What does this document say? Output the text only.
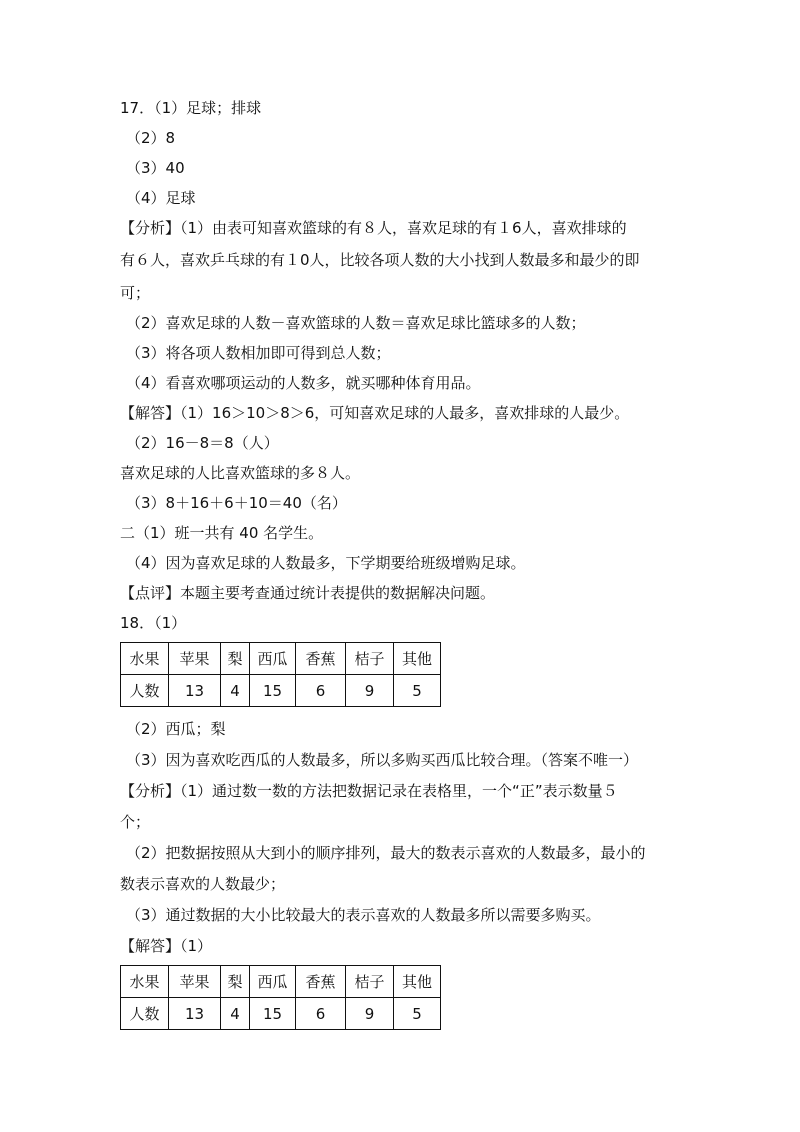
17．（1）足球；排球
（2）8
（3）40
（4）足球
【分析】（1）由表可知喜欢篮球的有８人，喜欢足球的有１6人，喜欢排球的
有６人，喜欢乒乓球的有１0人，比较各项人数的大小找到人数最多和最少的即
可；
（2）喜欢足球的人数－喜欢篮球的人数＝喜欢足球比篮球多的人数；
（3）将各项人数相加即可得到总人数；
（4）看喜欢哪项运动的人数多，就买哪种体育用品。
【解答】（1）16＞10＞8＞6，可知喜欢足球的人最多，喜欢排球的人最少。
（2）16－8＝8（人）
喜欢足球的人比喜欢篮球的多８人。
（3）8＋16＋6＋10＝40（名）
二（1）班一共有 40 名学生。
（4）因为喜欢足球的人数最多，下学期要给班级增购足球。
【点评】本题主要考查通过统计表提供的数据解决问题。
18．（1）
水果	苹果	梨	西瓜	香蕉	桔子	其他
人数	13	4	15	6	9	5
（2）西瓜；梨
（3）因为喜欢吃西瓜的人数最多，所以多购买西瓜比较合理。（答案不唯一）
【分析】（1）通过数一数的方法把数据记录在表格里，一个“正”表示数量５
个；
（2）把数据按照从大到小的顺序排列，最大的数表示喜欢的人数最多，最小的
数表示喜欢的人数最少；
（3）通过数据的大小比较最大的表示喜欢的人数最多所以需要多购买。
【解答】（1）
水果	苹果	梨	西瓜	香蕉	桔子	其他
人数	13	4	15	6	9	5
